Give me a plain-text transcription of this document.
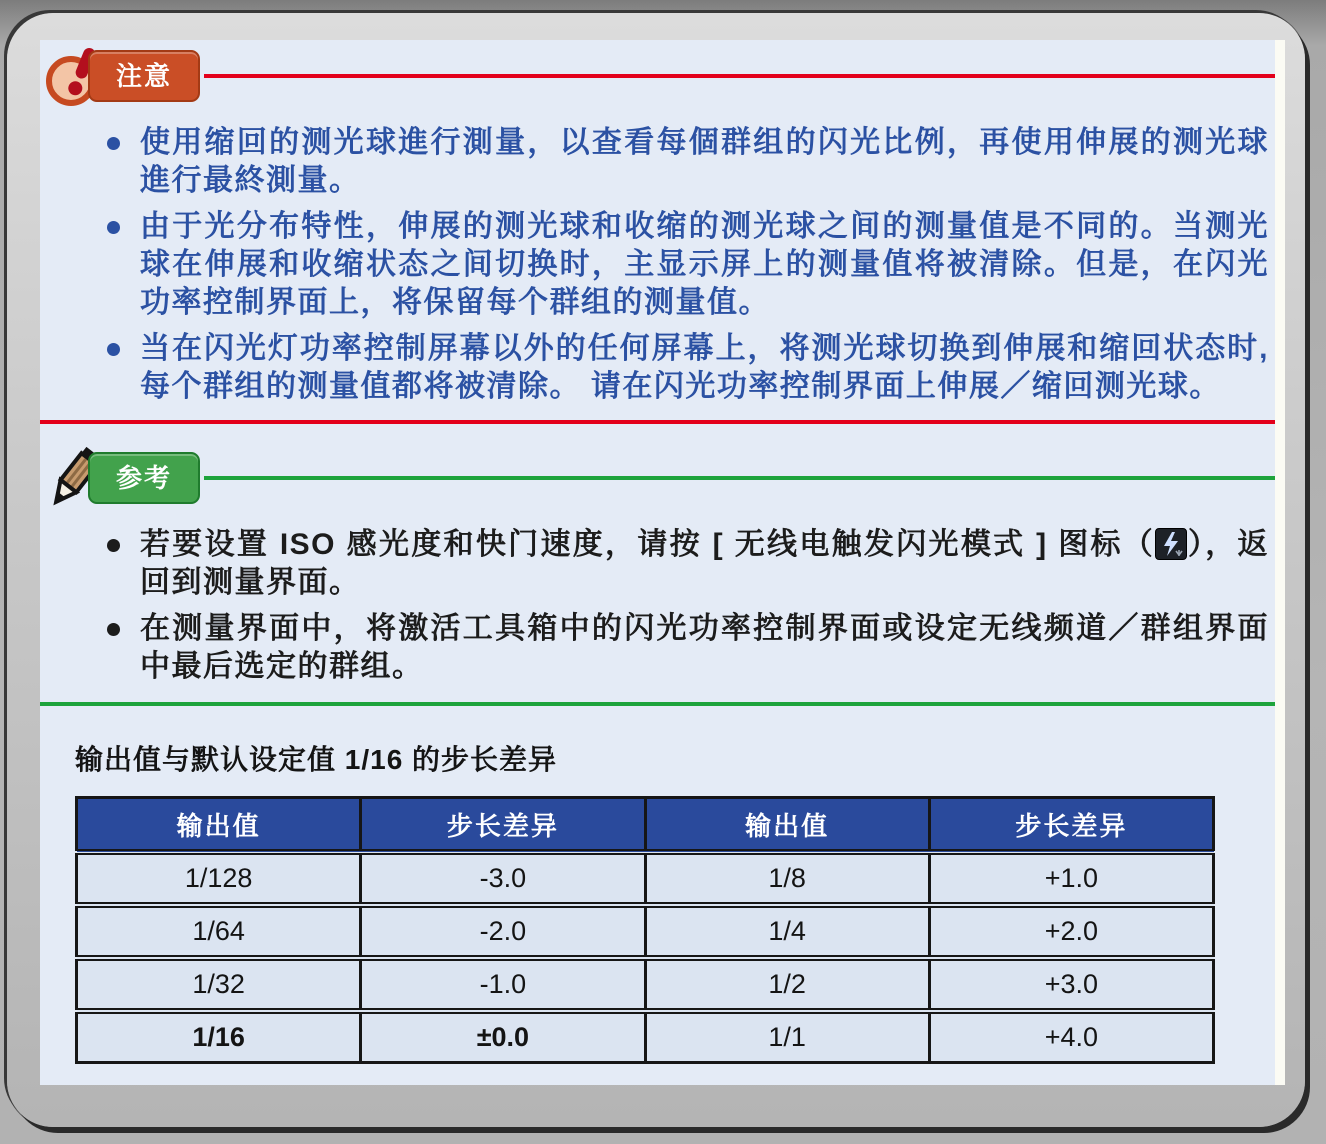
注意
使用缩回的测光球進行測量，以查看每個群组的闪光比例，再使用伸展的测光球進行最終測量。
由于光分布特性，伸展的测光球和收缩的测光球之间的测量值是不同的。当测光球在伸展和收缩状态之间切换时，主显示屏上的测量值将被清除。但是，在闪光功率控制界面上，将保留每个群组的测量值。
当在闪光灯功率控制屏幕以外的任何屏幕上，将测光球切换到伸展和缩回状态时,每个群组的测量值都将被清除。 请在闪光功率控制界面上伸展／缩回测光球。
参考
若要设置 ISO 感光度和快门速度，请按 [ 无线电触发闪光模式 ] 图标（ ），返回到测量界面。
在测量界面中，将激活工具箱中的闪光功率控制界面或设定无线频道／群组界面中最后选定的群组。
输出值与默认设定值 1/16 的步长差异
输出值	步长差异	输出值	步长差异
1/128	-3.0	1/8	+1.0
1/64	-2.0	1/4	+2.0
1/32	-1.0	1/2	+3.0
1/16	±0.0	1/1	+4.0
